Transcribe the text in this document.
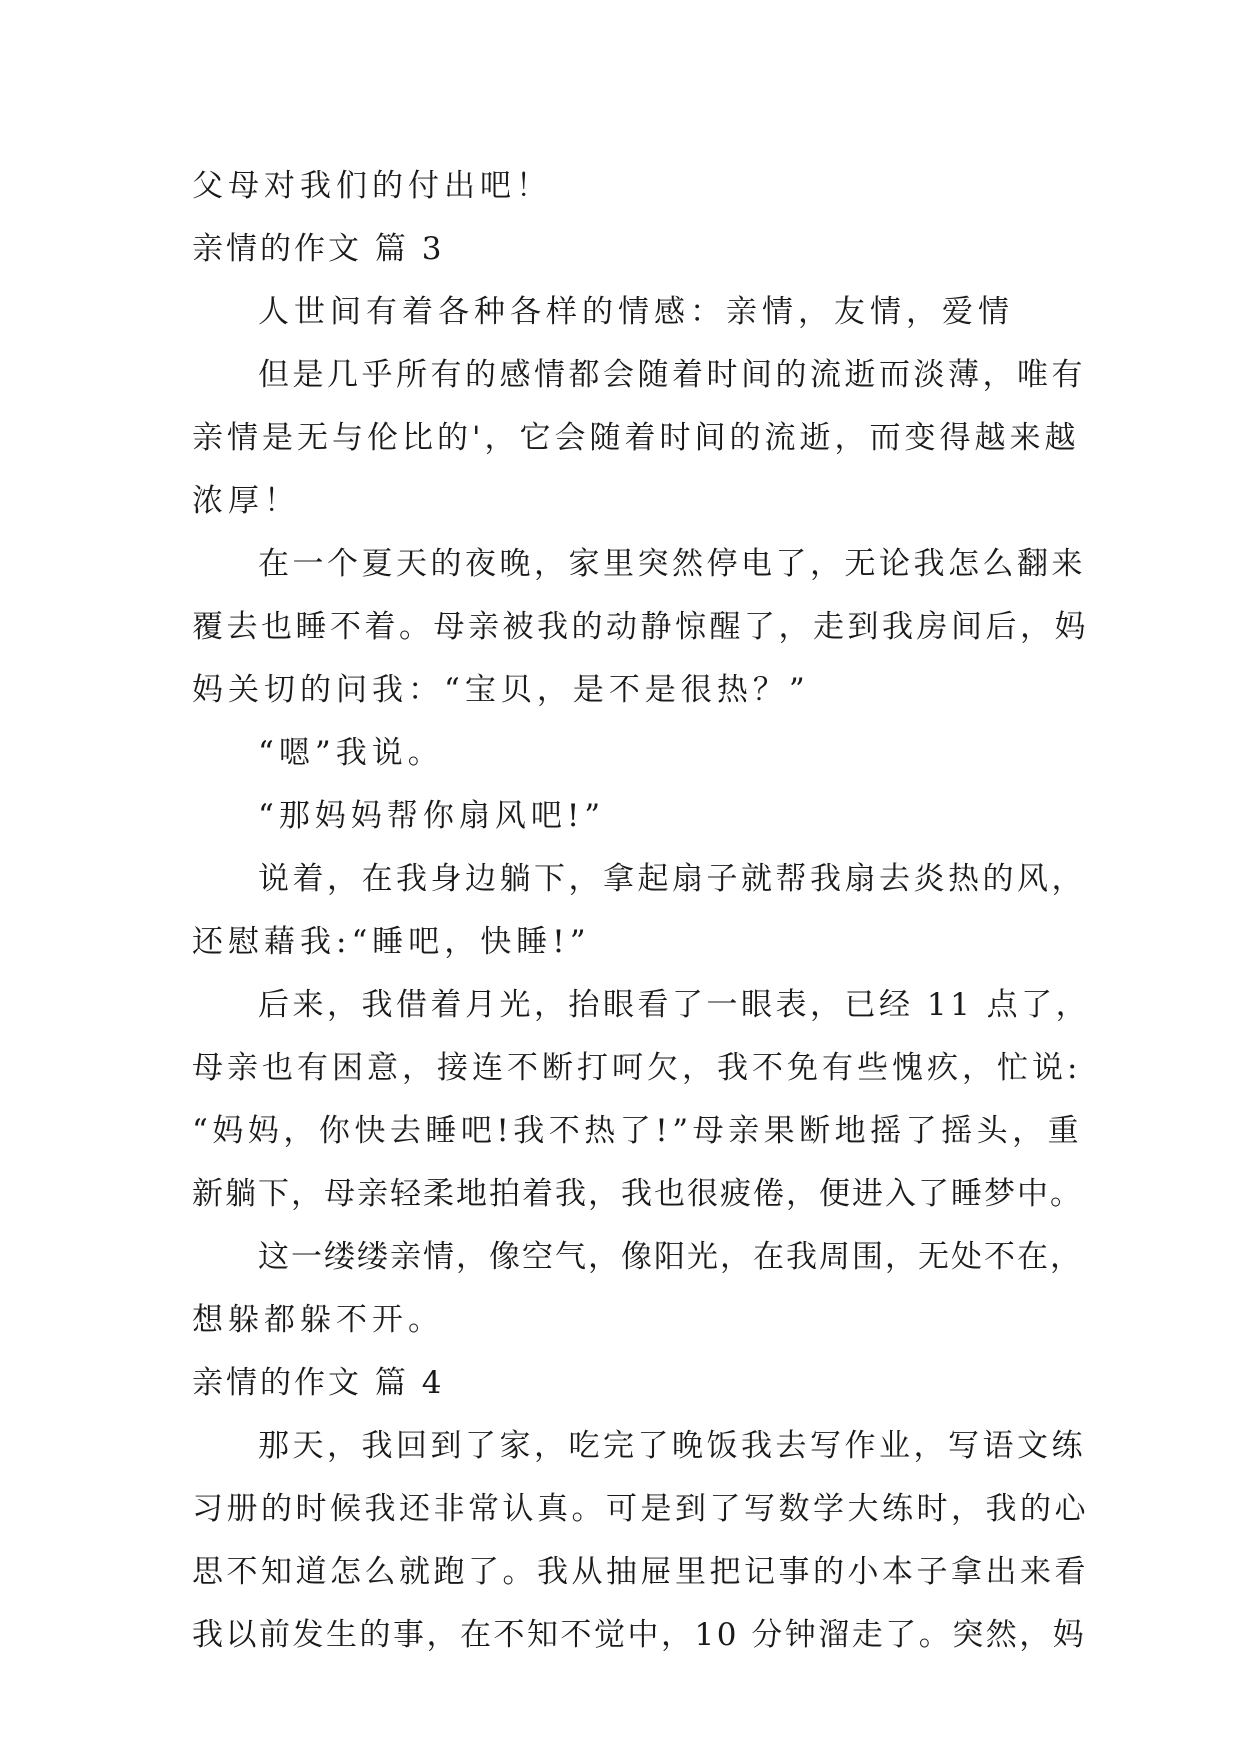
父母对我们的付出吧！
亲情的作文 篇 3
人世间有着各种各样的情感：亲情，友情，爱情
但是几乎所有的感情都会随着时间的流逝而淡薄，唯有
亲情是无与伦比的'，它会随着时间的流逝，而变得越来越
浓厚！
在一个夏天的夜晚，家里突然停电了，无论我怎么翻来
覆去也睡不着。母亲被我的动静惊醒了，走到我房间后，妈
妈关切的问我：“宝贝，是不是很热？”
“嗯”我说。
“那妈妈帮你扇风吧!”
说着，在我身边躺下，拿起扇子就帮我扇去炎热的风，
还慰藉我:“睡吧，快睡!”
后来，我借着月光，抬眼看了一眼表，已经 11 点了，
母亲也有困意，接连不断打呵欠，我不免有些愧疚，忙说:
“妈妈，你快去睡吧!我不热了!”母亲果断地摇了摇头，重
新躺下，母亲轻柔地拍着我，我也很疲倦，便进入了睡梦中。
这一缕缕亲情，像空气，像阳光，在我周围，无处不在，
想躲都躲不开。
亲情的作文 篇 4
那天，我回到了家，吃完了晚饭我去写作业，写语文练
习册的时候我还非常认真。可是到了写数学大练时，我的心
思不知道怎么就跑了。我从抽屉里把记事的小本子拿出来看
我以前发生的事，在不知不觉中，10 分钟溜走了。突然，妈
